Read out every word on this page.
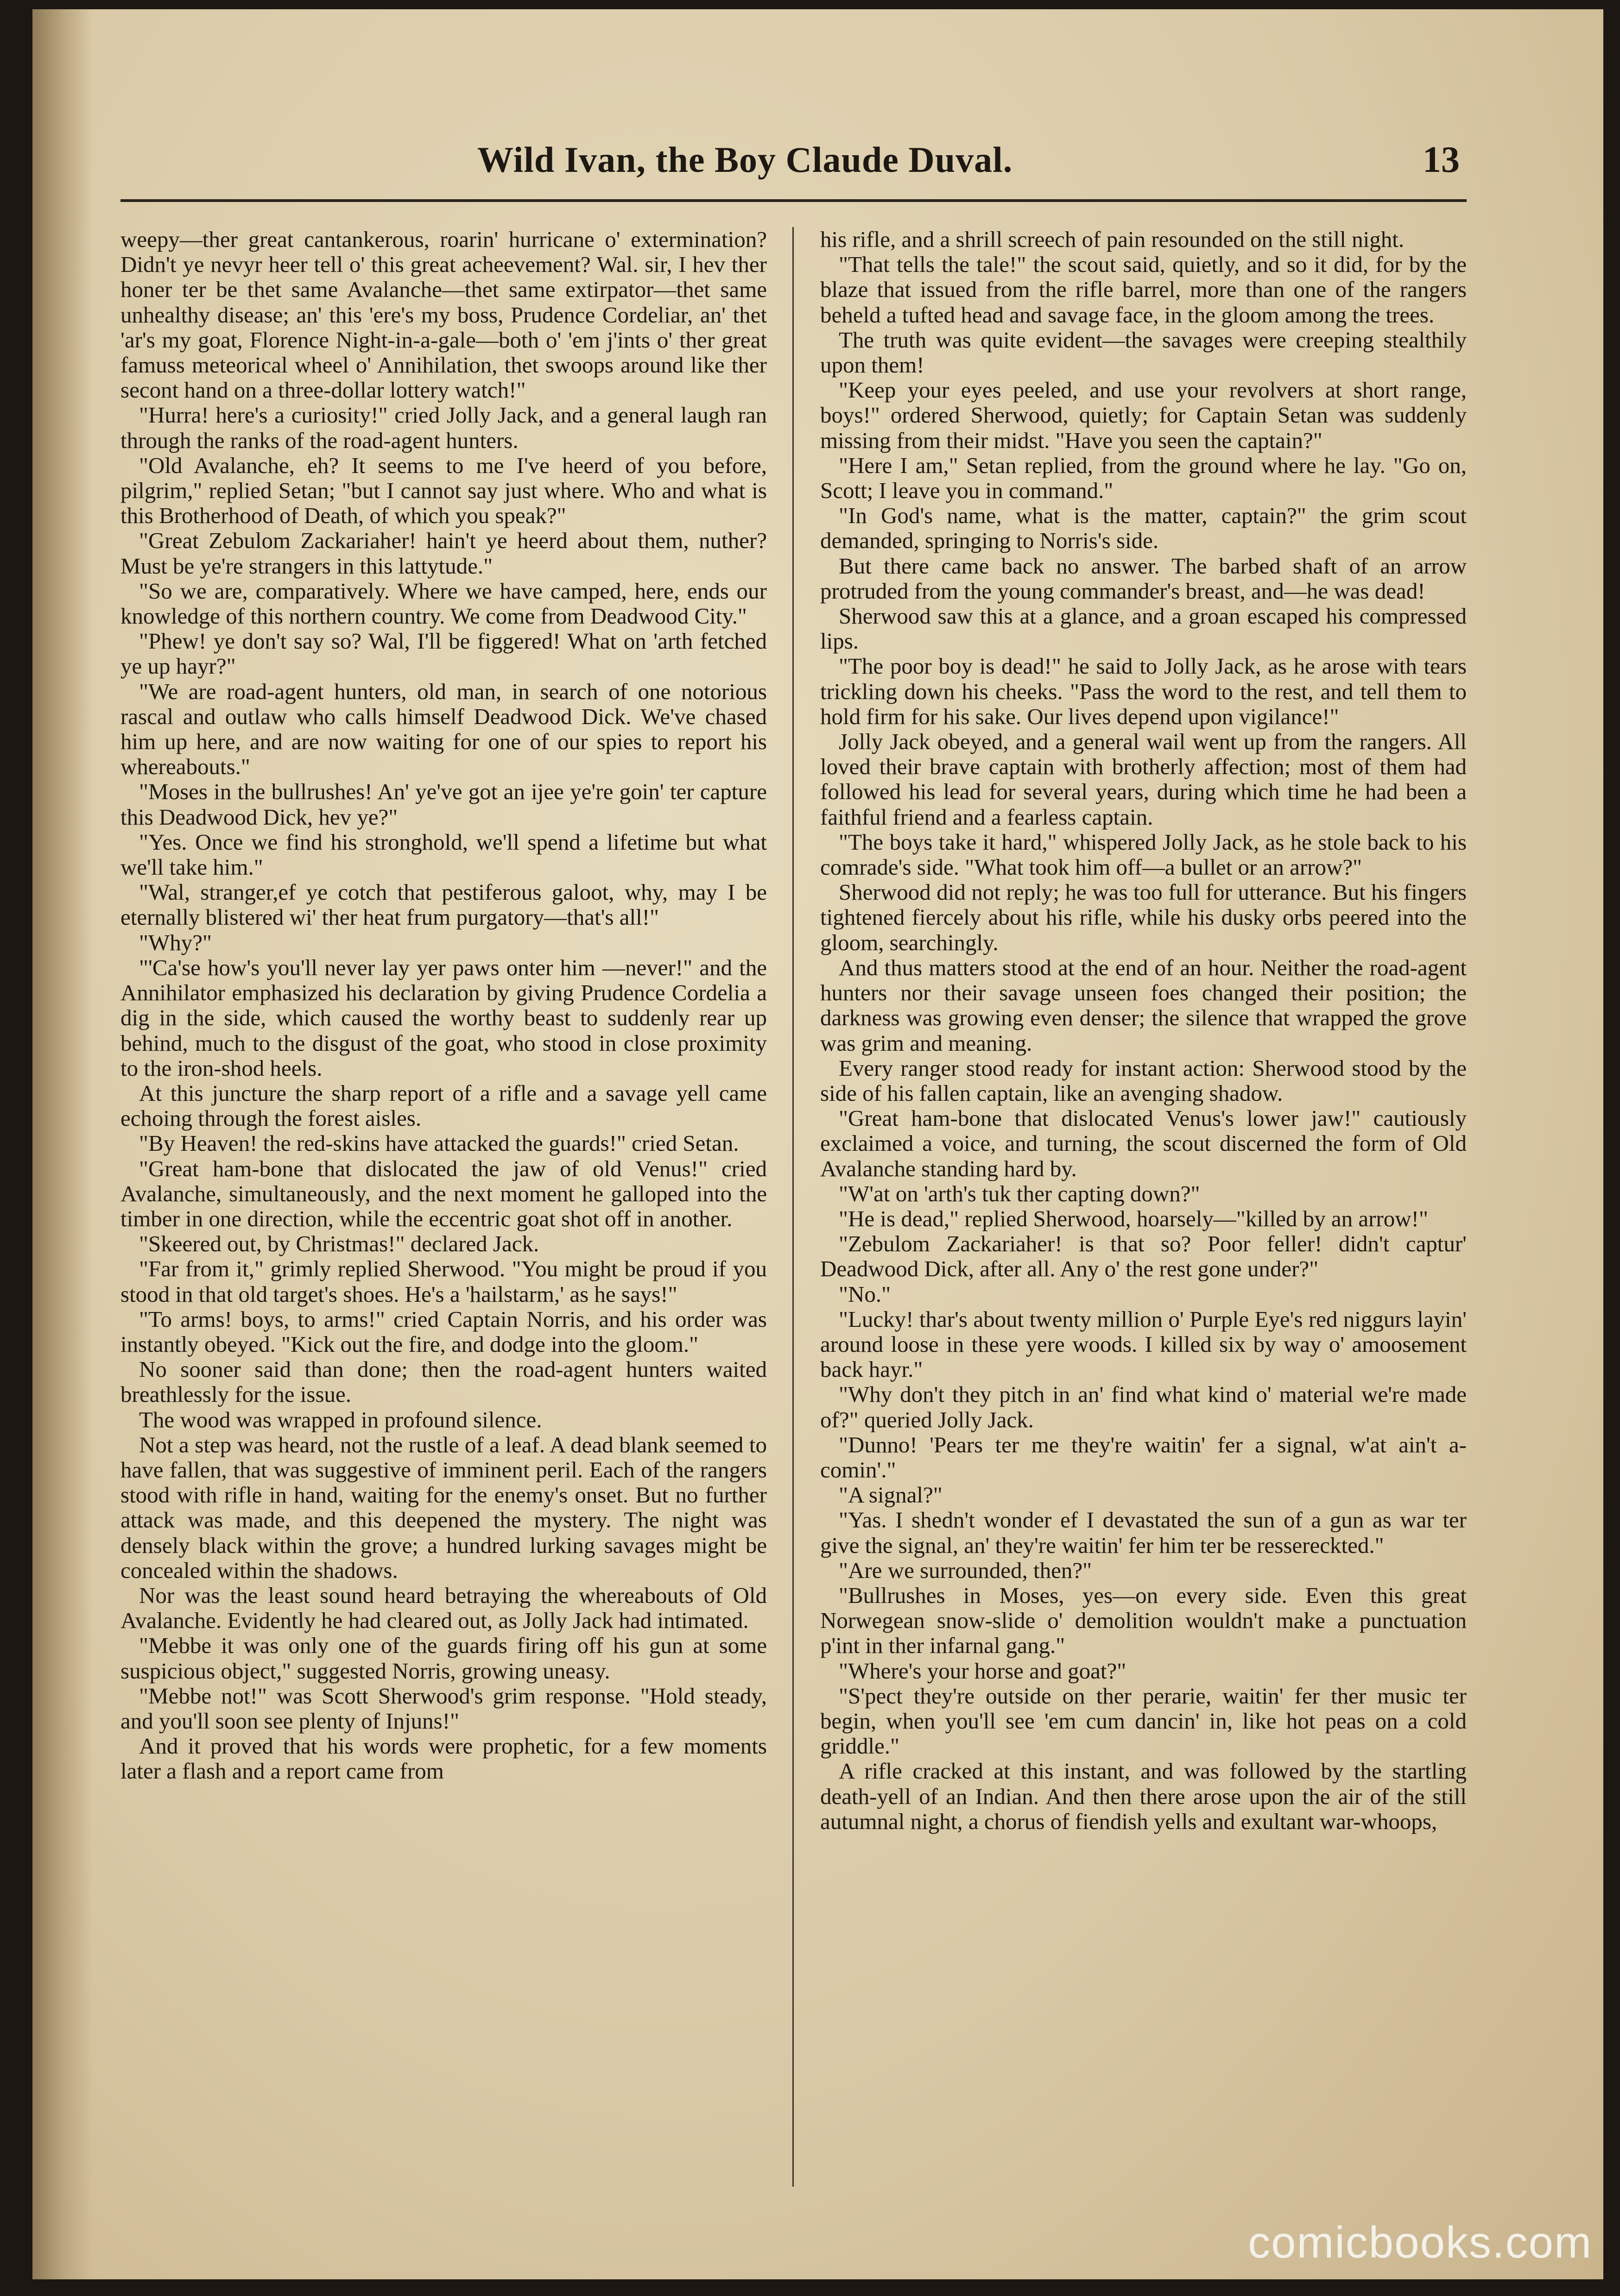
Wild Ivan, the Boy Claude Duval.	13

weepy—ther great cantankerous, roarin' hurricane o' extermination? Didn't ye nevyr heer tell o' this great acheevement? Wal. sir, I hev ther honer ter be thet same Avalanche—thet same extirpator—thet same unhealthy disease; an' this 'ere's my boss, Prudence Cordeliar, an' thet 'ar's my goat, Florence Night-in-a-gale—both o' 'em j'ints o' ther great famuss meteorical wheel o' Annihilation, thet swoops around like ther secont hand on a three-dollar lottery watch!"

"Hurra! here's a curiosity!" cried Jolly Jack, and a general laugh ran through the ranks of the road-agent hunters.

"Old Avalanche, eh? It seems to me I've heerd of you before, pilgrim," replied Setan; "but I cannot say just where. Who and what is this Brotherhood of Death, of which you speak?"

"Great Zebulom Zackariaher! hain't ye heerd about them, nuther? Must be ye're strangers in this lattytude."

"So we are, comparatively. Where we have camped, here, ends our knowledge of this northern country. We come from Deadwood City."

"Phew! ye don't say so? Wal, I'll be figgered! What on 'arth fetched ye up hayr?"

"We are road-agent hunters, old man, in search of one notorious rascal and outlaw who calls himself Deadwood Dick. We've chased him up here, and are now waiting for one of our spies to report his whereabouts."

"Moses in the bullrushes! An' ye've got an ijee ye're goin' ter capture this Deadwood Dick, hev ye?"

"Yes. Once we find his stronghold, we'll spend a lifetime but what we'll take him."

"Wal, stranger,ef ye cotch that pestiferous galoot, why, may I be eternally blistered wi' ther heat frum purgatory—that's all!"

"Why?"

"'Ca'se how's you'll never lay yer paws onter him —never!" and the Annihilator emphasized his declaration by giving Prudence Cordelia a dig in the side, which caused the worthy beast to suddenly rear up behind, much to the disgust of the goat, who stood in close proximity to the iron-shod heels.

At this juncture the sharp report of a rifle and a savage yell came echoing through the forest aisles.

"By Heaven! the red-skins have attacked the guards!" cried Setan.

"Great ham-bone that dislocated the jaw of old Venus!" cried Avalanche, simultaneously, and the next moment he galloped into the timber in one direction, while the eccentric goat shot off in another.

"Skeered out, by Christmas!" declared Jack.

"Far from it," grimly replied Sherwood. "You might be proud if you stood in that old target's shoes. He's a 'hailstarm,' as he says!"

"To arms! boys, to arms!" cried Captain Norris, and his order was instantly obeyed. "Kick out the fire, and dodge into the gloom."

No sooner said than done; then the road-agent hunters waited breathlessly for the issue.

The wood was wrapped in profound silence.

Not a step was heard, not the rustle of a leaf. A dead blank seemed to have fallen, that was suggestive of imminent peril. Each of the rangers stood with rifle in hand, waiting for the enemy's onset. But no further attack was made, and this deepened the mystery. The night was densely black within the grove; a hundred lurking savages might be concealed within the shadows.

Nor was the least sound heard betraying the whereabouts of Old Avalanche. Evidently he had cleared out, as Jolly Jack had intimated.

"Mebbe it was only one of the guards firing off his gun at some suspicious object," suggested Norris, growing uneasy.

"Mebbe not!" was Scott Sherwood's grim response. "Hold steady, and you'll soon see plenty of Injuns!"

And it proved that his words were prophetic, for a few moments later a flash and a report came from

his rifle, and a shrill screech of pain resounded on the still night.

"That tells the tale!" the scout said, quietly, and so it did, for by the blaze that issued from the rifle barrel, more than one of the rangers beheld a tufted head and savage face, in the gloom among the trees.

The truth was quite evident—the savages were creeping stealthily upon them!

"Keep your eyes peeled, and use your revolvers at short range, boys!" ordered Sherwood, quietly; for Captain Setan was suddenly missing from their midst. "Have you seen the captain?"

"Here I am," Setan replied, from the ground where he lay. "Go on, Scott; I leave you in command."

"In God's name, what is the matter, captain?" the grim scout demanded, springing to Norris's side.

But there came back no answer. The barbed shaft of an arrow protruded from the young commander's breast, and—he was dead!

Sherwood saw this at a glance, and a groan escaped his compressed lips.

"The poor boy is dead!" he said to Jolly Jack, as he arose with tears trickling down his cheeks. "Pass the word to the rest, and tell them to hold firm for his sake. Our lives depend upon vigilance!"

Jolly Jack obeyed, and a general wail went up from the rangers. All loved their brave captain with brotherly affection; most of them had followed his lead for several years, during which time he had been a faithful friend and a fearless captain.

"The boys take it hard," whispered Jolly Jack, as he stole back to his comrade's side. "What took him off—a bullet or an arrow?"

Sherwood did not reply; he was too full for utterance. But his fingers tightened fiercely about his rifle, while his dusky orbs peered into the gloom, searchingly.

And thus matters stood at the end of an hour. Neither the road-agent hunters nor their savage unseen foes changed their position; the darkness was growing even denser; the silence that wrapped the grove was grim and meaning.

Every ranger stood ready for instant action: Sherwood stood by the side of his fallen captain, like an avenging shadow.

"Great ham-bone that dislocated Venus's lower jaw!" cautiously exclaimed a voice, and turning, the scout discerned the form of Old Avalanche standing hard by.

"W'at on 'arth's tuk ther capting down?"

"He is dead," replied Sherwood, hoarsely—"killed by an arrow!"

"Zebulom Zackariaher! is that so? Poor feller! didn't captur' Deadwood Dick, after all. Any o' the rest gone under?"

"No."

"Lucky! thar's about twenty million o' Purple Eye's red niggurs layin' around loose in these yere woods. I killed six by way o' amoosement back hayr."

"Why don't they pitch in an' find what kind o' material we're made of?" queried Jolly Jack.

"Dunno! 'Pears ter me they're waitin' fer a signal, w'at ain't a-comin'."

"A signal?"

"Yas. I shedn't wonder ef I devastated the sun of a gun as war ter give the signal, an' they're waitin' fer him ter be ressereckted."

"Are we surrounded, then?"

"Bullrushes in Moses, yes—on every side. Even this great Norwegean snow-slide o' demolition wouldn't make a punctuation p'int in ther infarnal gang."

"Where's your horse and goat?"

"S'pect they're outside on ther perarie, waitin' fer ther music ter begin, when you'll see 'em cum dancin' in, like hot peas on a cold griddle."

A rifle cracked at this instant, and was followed by the startling death-yell of an Indian. And then there arose upon the air of the still autumnal night, a chorus of fiendish yells and exultant war-whoops,

comicbooks.com
